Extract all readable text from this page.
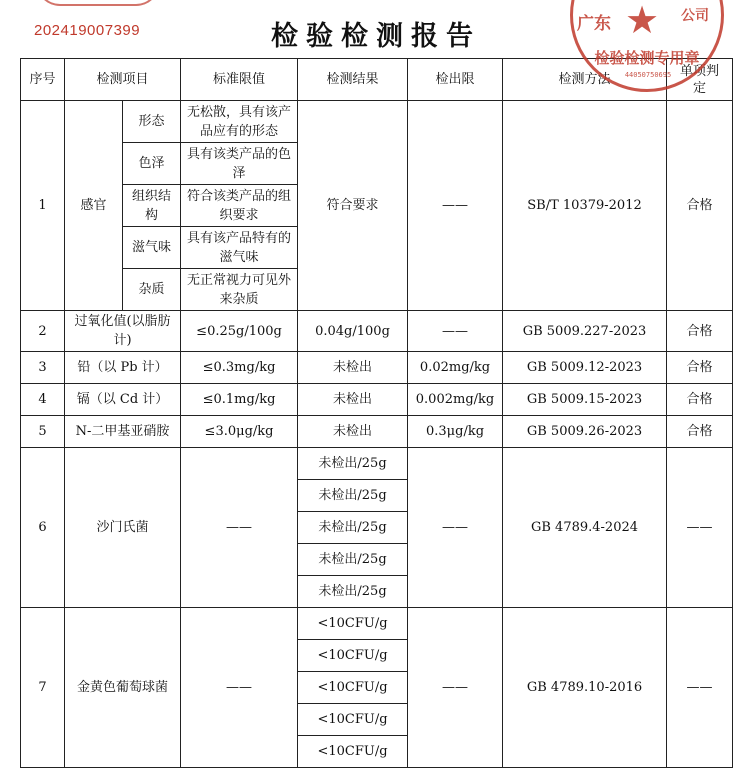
202419007399	检验检测报告
序号	检测项目		标准限值	检测结果	检出限	检测方法	单项判定
1	感官	形态	无松散，具有该产品应有的形态	符合要求	——	SB/T 10379-2012	合格
		色泽	具有该类产品的色泽				
		组织结构	符合该类产品的组织要求				
		滋气味	具有该产品特有的滋气味				
		杂质	无正常视力可见外来杂质				
2	过氧化值(以脂肪计)		≤0.25g/100g	0.04g/100g	——	GB 5009.227-2023	合格
3	铅（以 Pb 计）		≤0.3mg/kg	未检出	0.02mg/kg	GB 5009.12-2023	合格
4	镉（以 Cd 计）		≤0.1mg/kg	未检出	0.002mg/kg	GB 5009.15-2023	合格
5	N-二甲基亚硝胺		≤3.0μg/kg	未检出	0.3μg/kg	GB 5009.26-2023	合格
6	沙门氏菌		——	未检出/25g	——	GB 4789.4-2024	——
				未检出/25g			
				未检出/25g			
				未检出/25g			
				未检出/25g			
7	金黄色葡萄球菌		——	<10CFU/g	——	GB 4789.10-2016	——
				<10CFU/g			
				<10CFU/g			
				<10CFU/g			
				<10CFU/g			
广东	公司
★
检验检测专用章
44050750695
